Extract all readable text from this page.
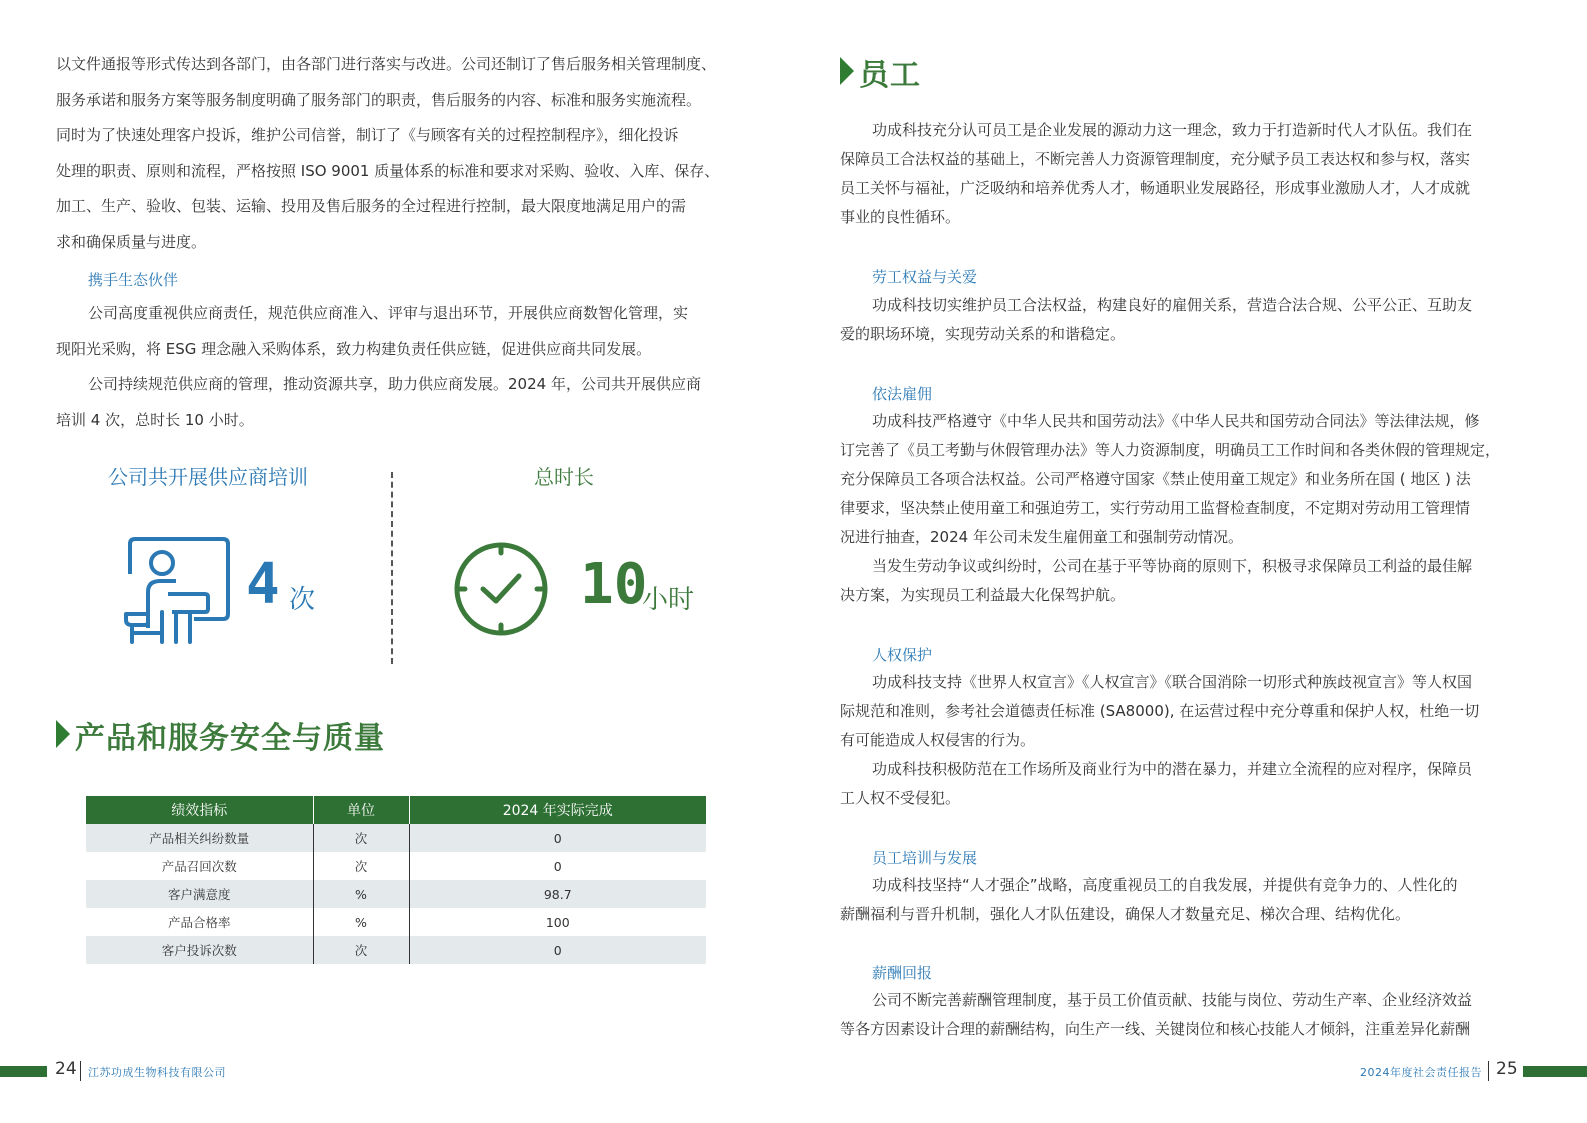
以文件通报等形式传达到各部门，由各部门进行落实与改进。公司还制订了售后服务相关管理制度、

服务承诺和服务方案等服务制度明确了服务部门的职责，售后服务的内容、标准和服务实施流程。

同时为了快速处理客户投诉，维护公司信誉，制订了《与顾客有关的过程控制程序》，细化投诉

处理的职责、原则和流程，严格按照 ISO 9001 质量体系的标准和要求对采购、验收、入库、保存、

加工、生产、验收、包装、运输、投用及售后服务的全过程进行控制，最大限度地满足用户的需

求和确保质量与进度。

携手生态伙伴

公司高度重视供应商责任，规范供应商准入、评审与退出环节，开展供应商数智化管理，实

现阳光采购，将 ESG 理念融入采购体系，致力构建负责任供应链，促进供应商共同发展。

公司持续规范供应商的管理，推动资源共享，助力供应商发展。2024 年，公司共开展供应商

培训 4 次，总时长 10 小时。

公司共开展供应商培训	总时长

4 次	10

小时

产品和服务安全与质量

绩效指标	单位	2024 年实际完成
产品相关纠纷数量	次	0
产品召回次数	次	0
客户满意度	%	98.7
产品合格率	%	100
客户投诉次数	次	0

员工

功成科技充分认可员工是企业发展的源动力这一理念，致力于打造新时代人才队伍。我们在

保障员工合法权益的基础上，不断完善人力资源管理制度，充分赋予员工表达权和参与权，落实

员工关怀与福祉，广泛吸纳和培养优秀人才，畅通职业发展路径，形成事业激励人才，人才成就

事业的良性循环。

劳工权益与关爱

功成科技切实维护员工合法权益，构建良好的雇佣关系，营造合法合规、公平公正、互助友

爱的职场环境，实现劳动关系的和谐稳定。

依法雇佣

功成科技严格遵守《中华人民共和国劳动法》《中华人民共和国劳动合同法》等法律法规，修

订完善了《员工考勤与休假管理办法》等人力资源制度，明确员工工作时间和各类休假的管理规定，

充分保障员工各项合法权益。公司严格遵守国家《禁止使用童工规定》和业务所在国 ( 地区 ) 法

律要求，坚决禁止使用童工和强迫劳工，实行劳动用工监督检查制度，不定期对劳动用工管理情

况进行抽查，2024 年公司未发生雇佣童工和强制劳动情况。

当发生劳动争议或纠纷时，公司在基于平等协商的原则下，积极寻求保障员工利益的最佳解

决方案，为实现员工利益最大化保驾护航。

人权保护

功成科技支持《世界人权宣言》《人权宣言》《联合国消除一切形式种族歧视宣言》等人权国

际规范和准则，参考社会道德责任标准 (SA8000), 在运营过程中充分尊重和保护人权，杜绝一切

有可能造成人权侵害的行为。

功成科技积极防范在工作场所及商业行为中的潜在暴力，并建立全流程的应对程序，保障员

工人权不受侵犯。

员工培训与发展

功成科技坚持“人才强企”战略，高度重视员工的自我发展，并提供有竞争力的、人性化的

薪酬福利与晋升机制，强化人才队伍建设，确保人才数量充足、梯次合理、结构优化。

薪酬回报

公司不断完善薪酬管理制度，基于员工价值贡献、技能与岗位、劳动生产率、企业经济效益

等各方因素设计合理的薪酬结构，向生产一线、关键岗位和核心技能人才倾斜，注重差异化薪酬

24 江苏功成生物科技有限公司	2024年度社会责任报告 25
